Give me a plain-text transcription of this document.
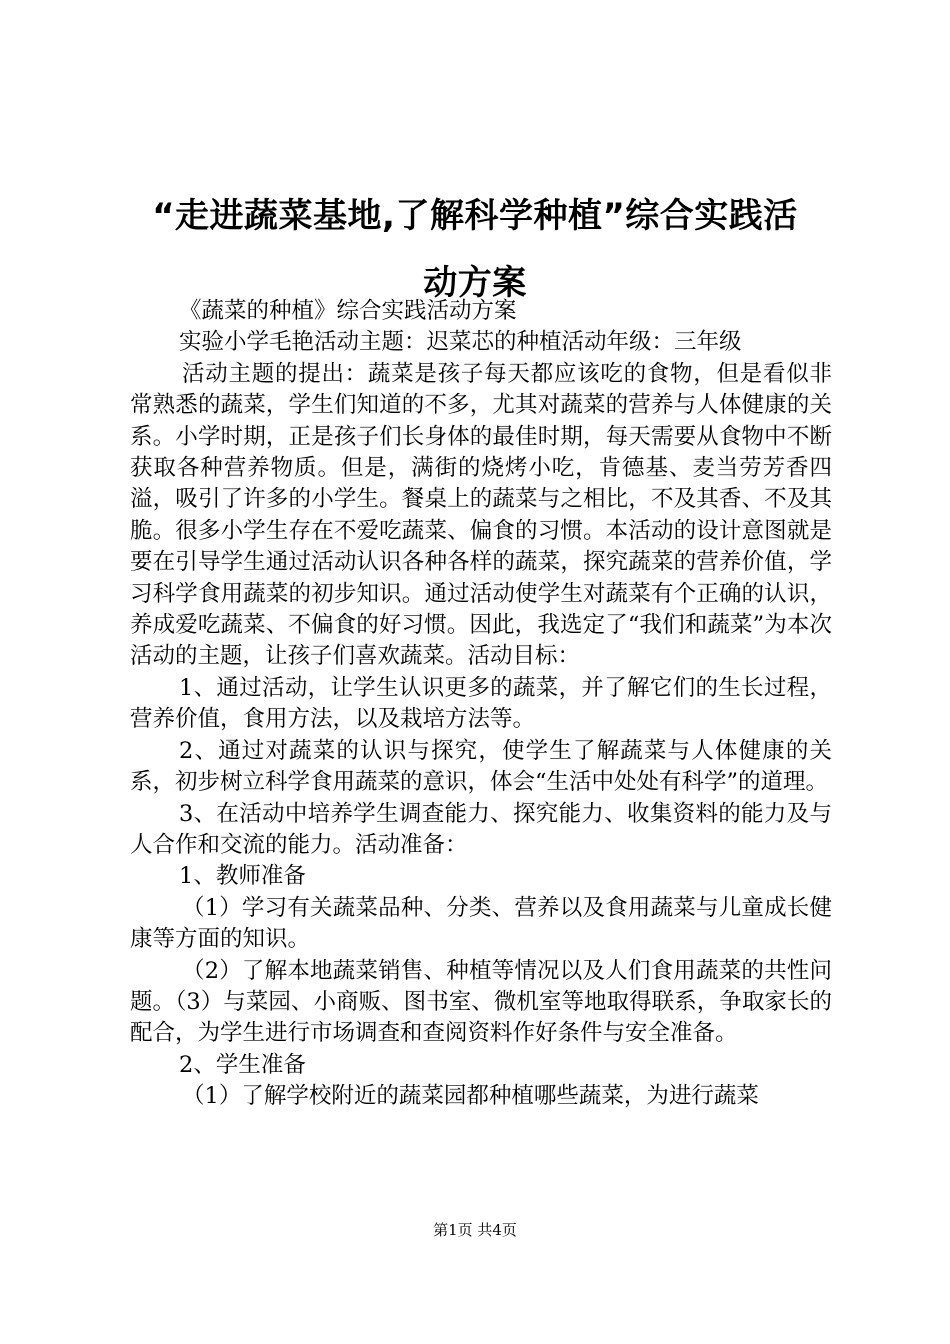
“走进蔬菜基地,了解科学种植”综合实践活
动方案

《蔬菜的种植》综合实践活动方案

实验小学毛艳活动主题：迟菜芯的种植活动年级：三年级

活动主题的提出：蔬菜是孩子每天都应该吃的食物，但是看似非常熟悉的蔬菜，学生们知道的不多，尤其对蔬菜的营养与人体健康的关系。小学时期，正是孩子们长身体的最佳时期，每天需要从食物中不断获取各种营养物质。但是，满街的烧烤小吃，肯德基、麦当劳芳香四溢，吸引了许多的小学生。餐桌上的蔬菜与之相比，不及其香、不及其脆。很多小学生存在不爱吃蔬菜、偏食的习惯。本活动的设计意图就是要在引导学生通过活动认识各种各样的蔬菜，探究蔬菜的营养价值，学习科学食用蔬菜的初步知识。通过活动使学生对蔬菜有个正确的认识，养成爱吃蔬菜、不偏食的好习惯。因此，我选定了“我们和蔬菜”为本次活动的主题，让孩子们喜欢蔬菜。活动目标：

1、通过活动，让学生认识更多的蔬菜，并了解它们的生长过程，营养价值，食用方法，以及栽培方法等。

2、通过对蔬菜的认识与探究，使学生了解蔬菜与人体健康的关系，初步树立科学食用蔬菜的意识，体会“生活中处处有科学”的道理。

3、在活动中培养学生调查能力、探究能力、收集资料的能力及与人合作和交流的能力。活动准备：

1、教师准备

（1）学习有关蔬菜品种、分类、营养以及食用蔬菜与儿童成长健康等方面的知识。

（2）了解本地蔬菜销售、种植等情况以及人们食用蔬菜的共性问题。（3）与菜园、小商贩、图书室、微机室等地取得联系，争取家长的配合，为学生进行市场调查和查阅资料作好条件与安全准备。

2、学生准备

（1）了解学校附近的蔬菜园都种植哪些蔬菜，为进行蔬菜

第1页 共4页
